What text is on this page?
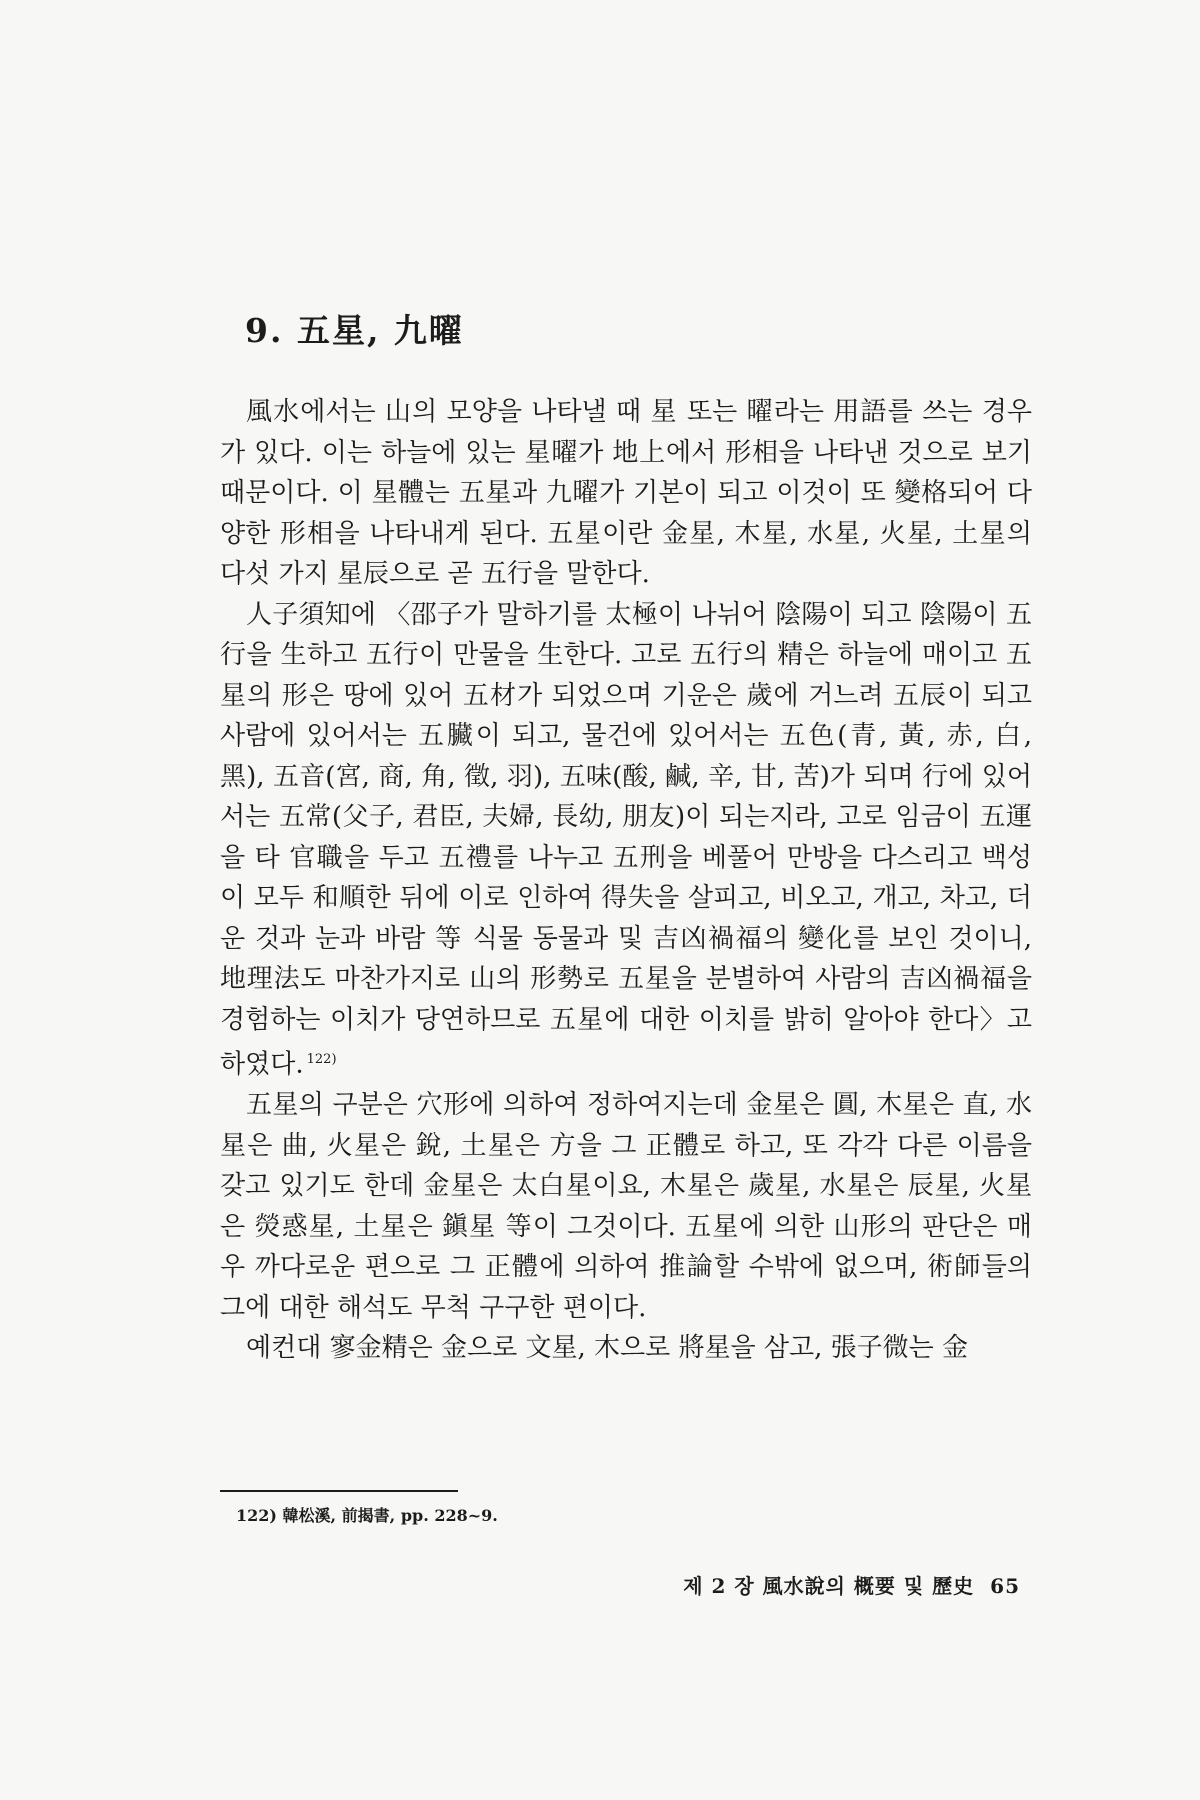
9. 五星, 九曜

風水에서는 山의 모양을 나타낼 때 星 또는 曜라는 用語를 쓰는 경우가 있다. 이는 하늘에 있는 星曜가 地上에서 形相을 나타낸 것으로 보기 때문이다. 이 星體는 五星과 九曜가 기본이 되고 이것이 또 變格되어 다양한 形相을 나타내게 된다. 五星이란 金星, 木星, 水星, 火星, 土星의 다섯 가지 星辰으로 곧 五行을 말한다.

人子須知에 〈邵子가 말하기를 太極이 나뉘어 陰陽이 되고 陰陽이 五行을 生하고 五行이 만물을 生한다. 고로 五行의 精은 하늘에 매이고 五星의 形은 땅에 있어 五材가 되었으며 기운은 歲에 거느려 五辰이 되고 사람에 있어서는 五臟이 되고, 물건에 있어서는 五色(青, 黃, 赤, 白, 黑), 五音(宮, 商, 角, 徵, 羽), 五味(酸, 鹹, 辛, 甘, 苦)가 되며 行에 있어서는 五常(父子, 君臣, 夫婦, 長幼, 朋友)이 되는지라, 고로 임금이 五運을 타 官職을 두고 五禮를 나누고 五刑을 베풀어 만방을 다스리고 백성이 모두 和順한 뒤에 이로 인하여 得失을 살피고, 비오고, 개고, 차고, 더운 것과 눈과 바람 等 식물 동물과 및 吉凶禍福의 變化를 보인 것이니, 地理法도 마찬가지로 山의 形勢로 五星을 분별하여 사람의 吉凶禍福을 경험하는 이치가 당연하므로 五星에 대한 이치를 밝히 알아야 한다〉고 하였다. $^{122)}$

五星의 구분은 穴形에 의하여 정하여지는데 金星은 圓, 木星은 直, 水星은 曲, 火星은 銳, 土星은 方을 그 正體로 하고, 또 각각 다른 이름을 갖고 있기도 한데 金星은 太白星이요, 木星은 歲星, 水星은 辰星, 火星은 熒惑星, 土星은 鎭星 等이 그것이다. 五星에 의한 山形의 판단은 매우 까다로운 편으로 그 正體에 의하여 推論할 수밖에 없으며, 術師들의 그에 대한 해석도 무척 구구한 편이다.

예컨대 寥金精은 金으로 文星, 木으로 將星을 삼고, 張子微는 金

122) 韓松溪, 前揭書, pp. 228~9.
제 2 장 風水說의 概要 및 歷史 65
